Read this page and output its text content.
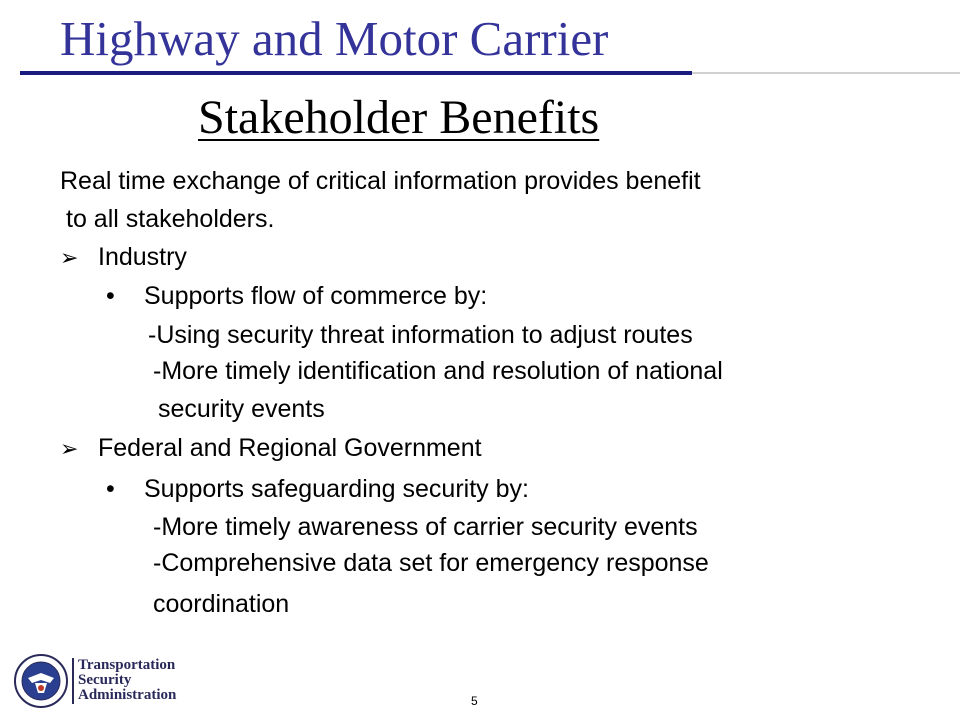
Highway and Motor Carrier
Stakeholder Benefits
Real time exchange of critical information provides benefit
to all stakeholders.
➢ Industry
• Supports flow of commerce by:
-Using security threat information to adjust routes
-More timely identification and resolution of national
security events
➢ Federal and Regional Government
• Supports safeguarding security by:
-More timely awareness of carrier security events
-Comprehensive data set for emergency response
coordination
Transportation
Security
Administration	5
